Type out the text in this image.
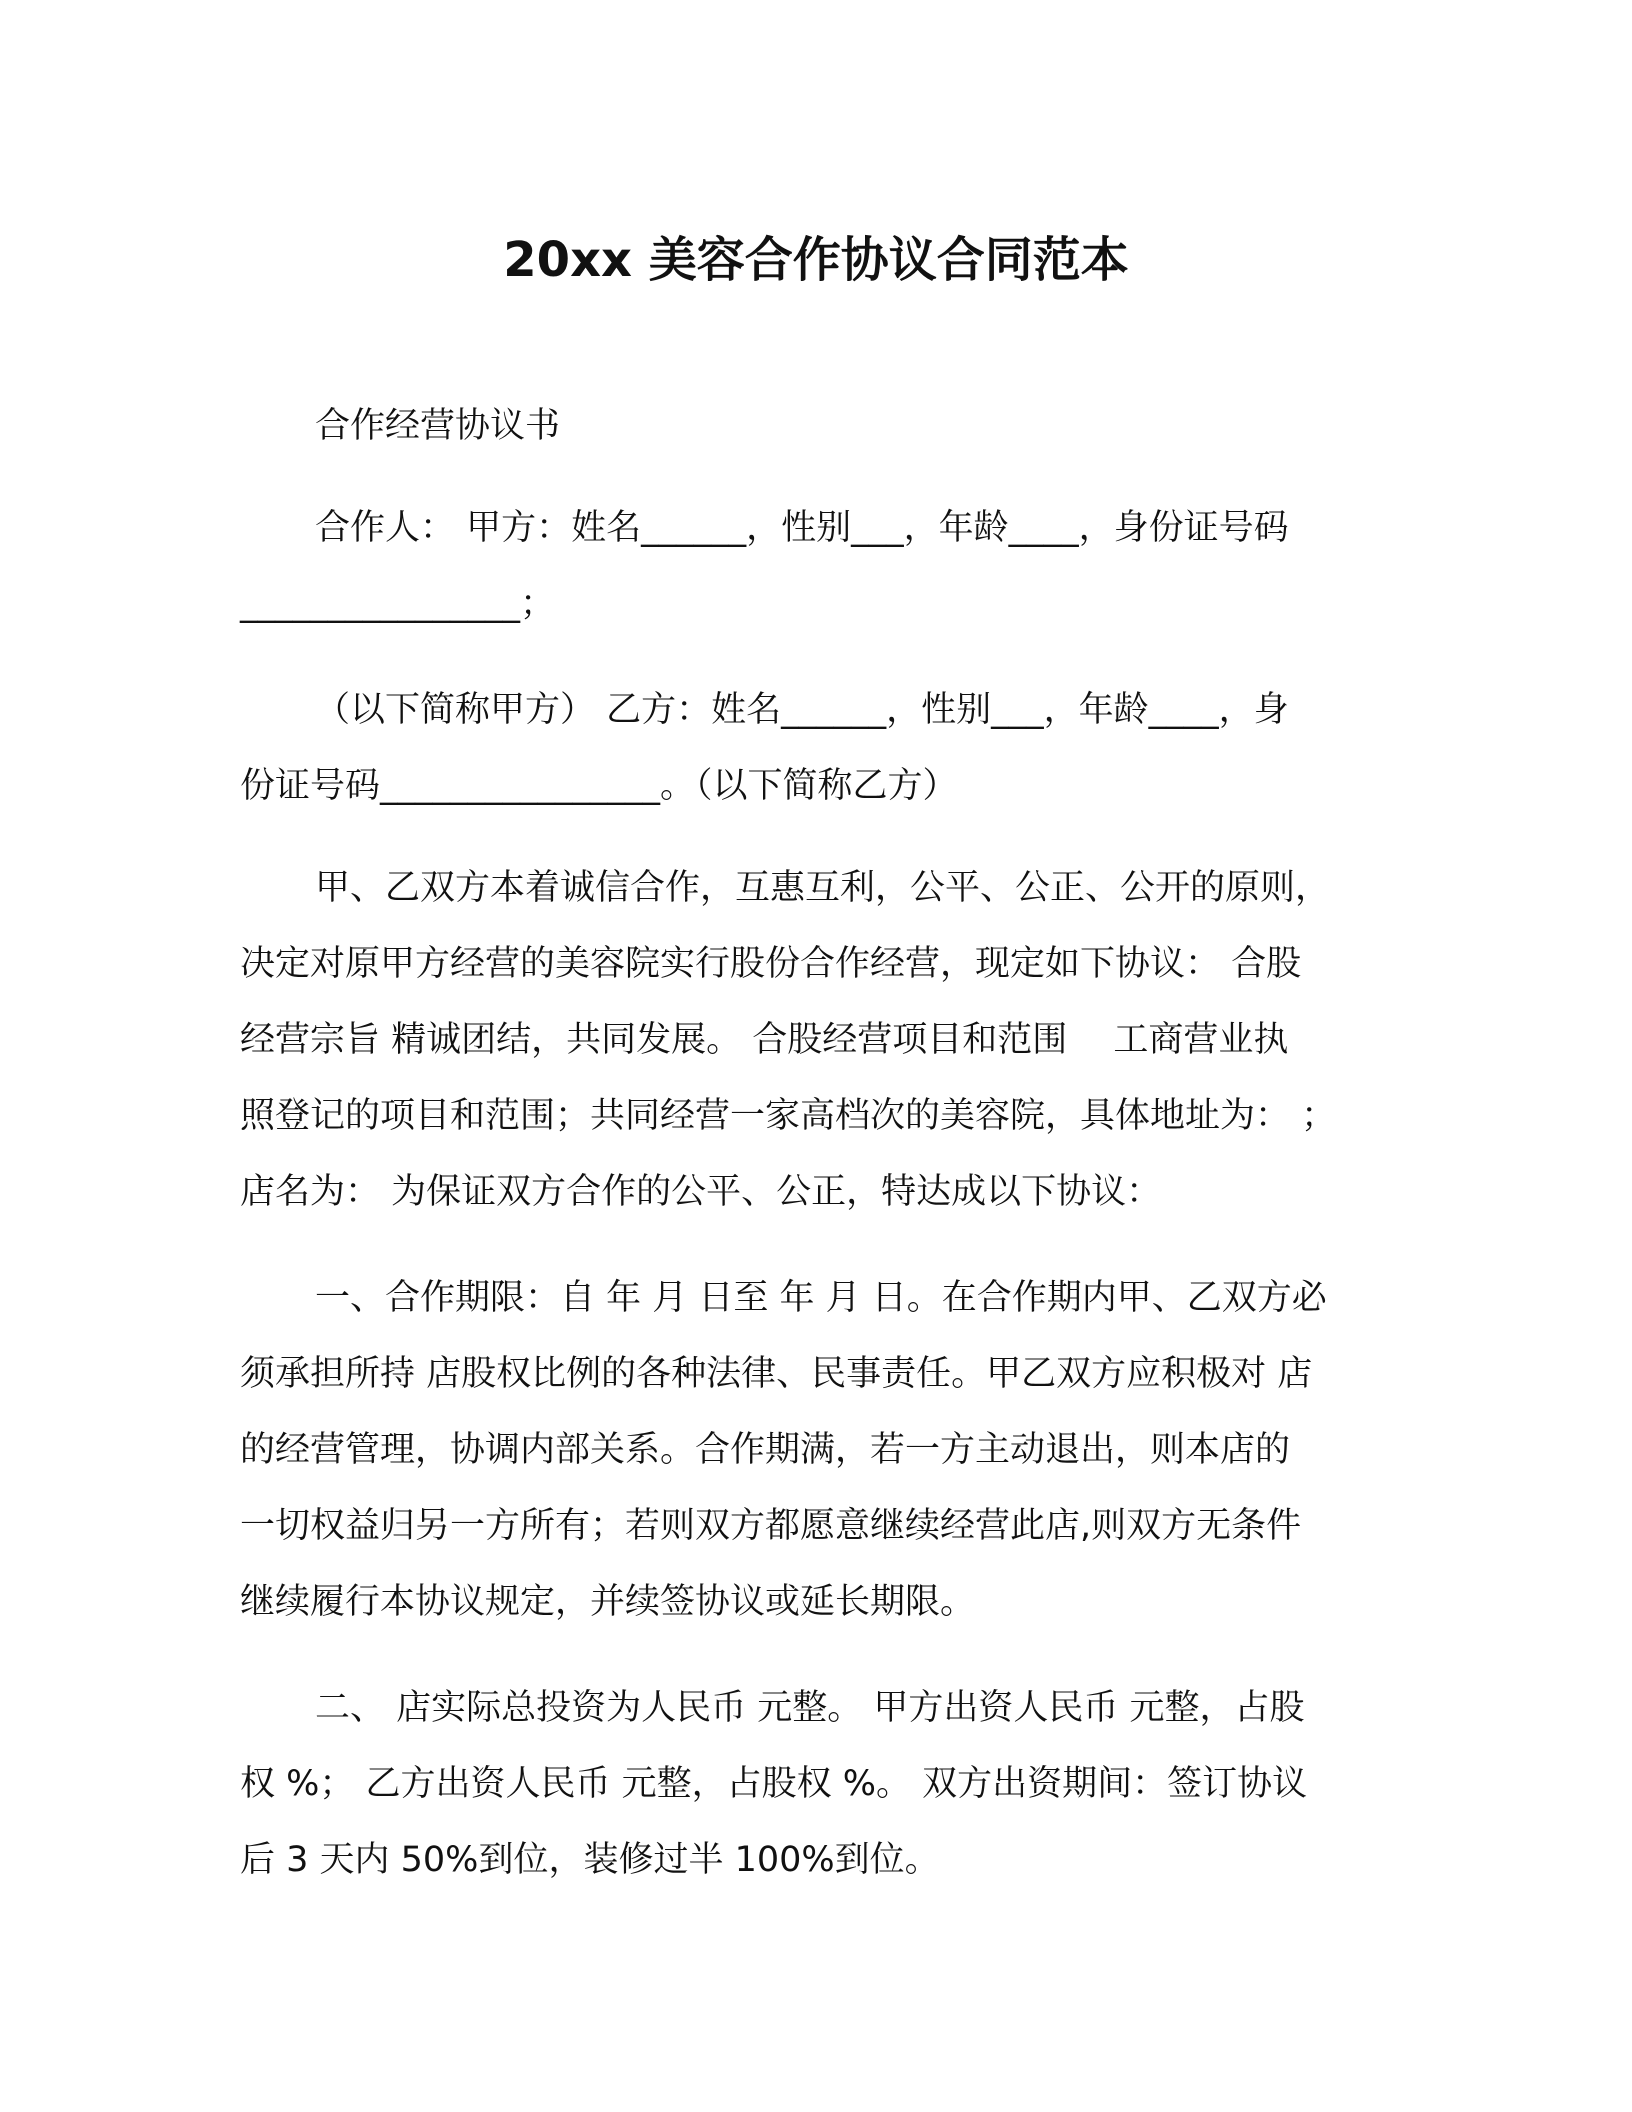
20xx 美容合作协议合同范本
合作经营协议书
合作人： 甲方：姓名______，性别___，年龄____，身份证号码
________________；
（以下简称甲方） 乙方：姓名______，性别___，年龄____，身
份证号码________________。（以下简称乙方）
甲、乙双方本着诚信合作，互惠互利，公平、公正、公开的原则，
决定对原甲方经营的美容院实行股份合作经营，现定如下协议： 合股
经营宗旨 精诚团结，共同发展。 合股经营项目和范围 　工商营业执
照登记的项目和范围；共同经营一家高档次的美容院，具体地址为： ；
店名为： 为保证双方合作的公平、公正，特达成以下协议：
一、合作期限：自 年 月 日至 年 月 日。在合作期内甲、乙双方必
须承担所持 店股权比例的各种法律、民事责任。甲乙双方应积极对 店
的经营管理，协调内部关系。合作期满，若一方主动退出，则本店的
一切权益归另一方所有；若则双方都愿意继续经营此店,则双方无条件
继续履行本协议规定，并续签协议或延长期限。
二、 店实际总投资为人民币 元整。 甲方出资人民币 元整，占股
权 %； 乙方出资人民币 元整，占股权 %。 双方出资期间：签订协议
后 3 天内 50%到位，装修过半 100%到位。
